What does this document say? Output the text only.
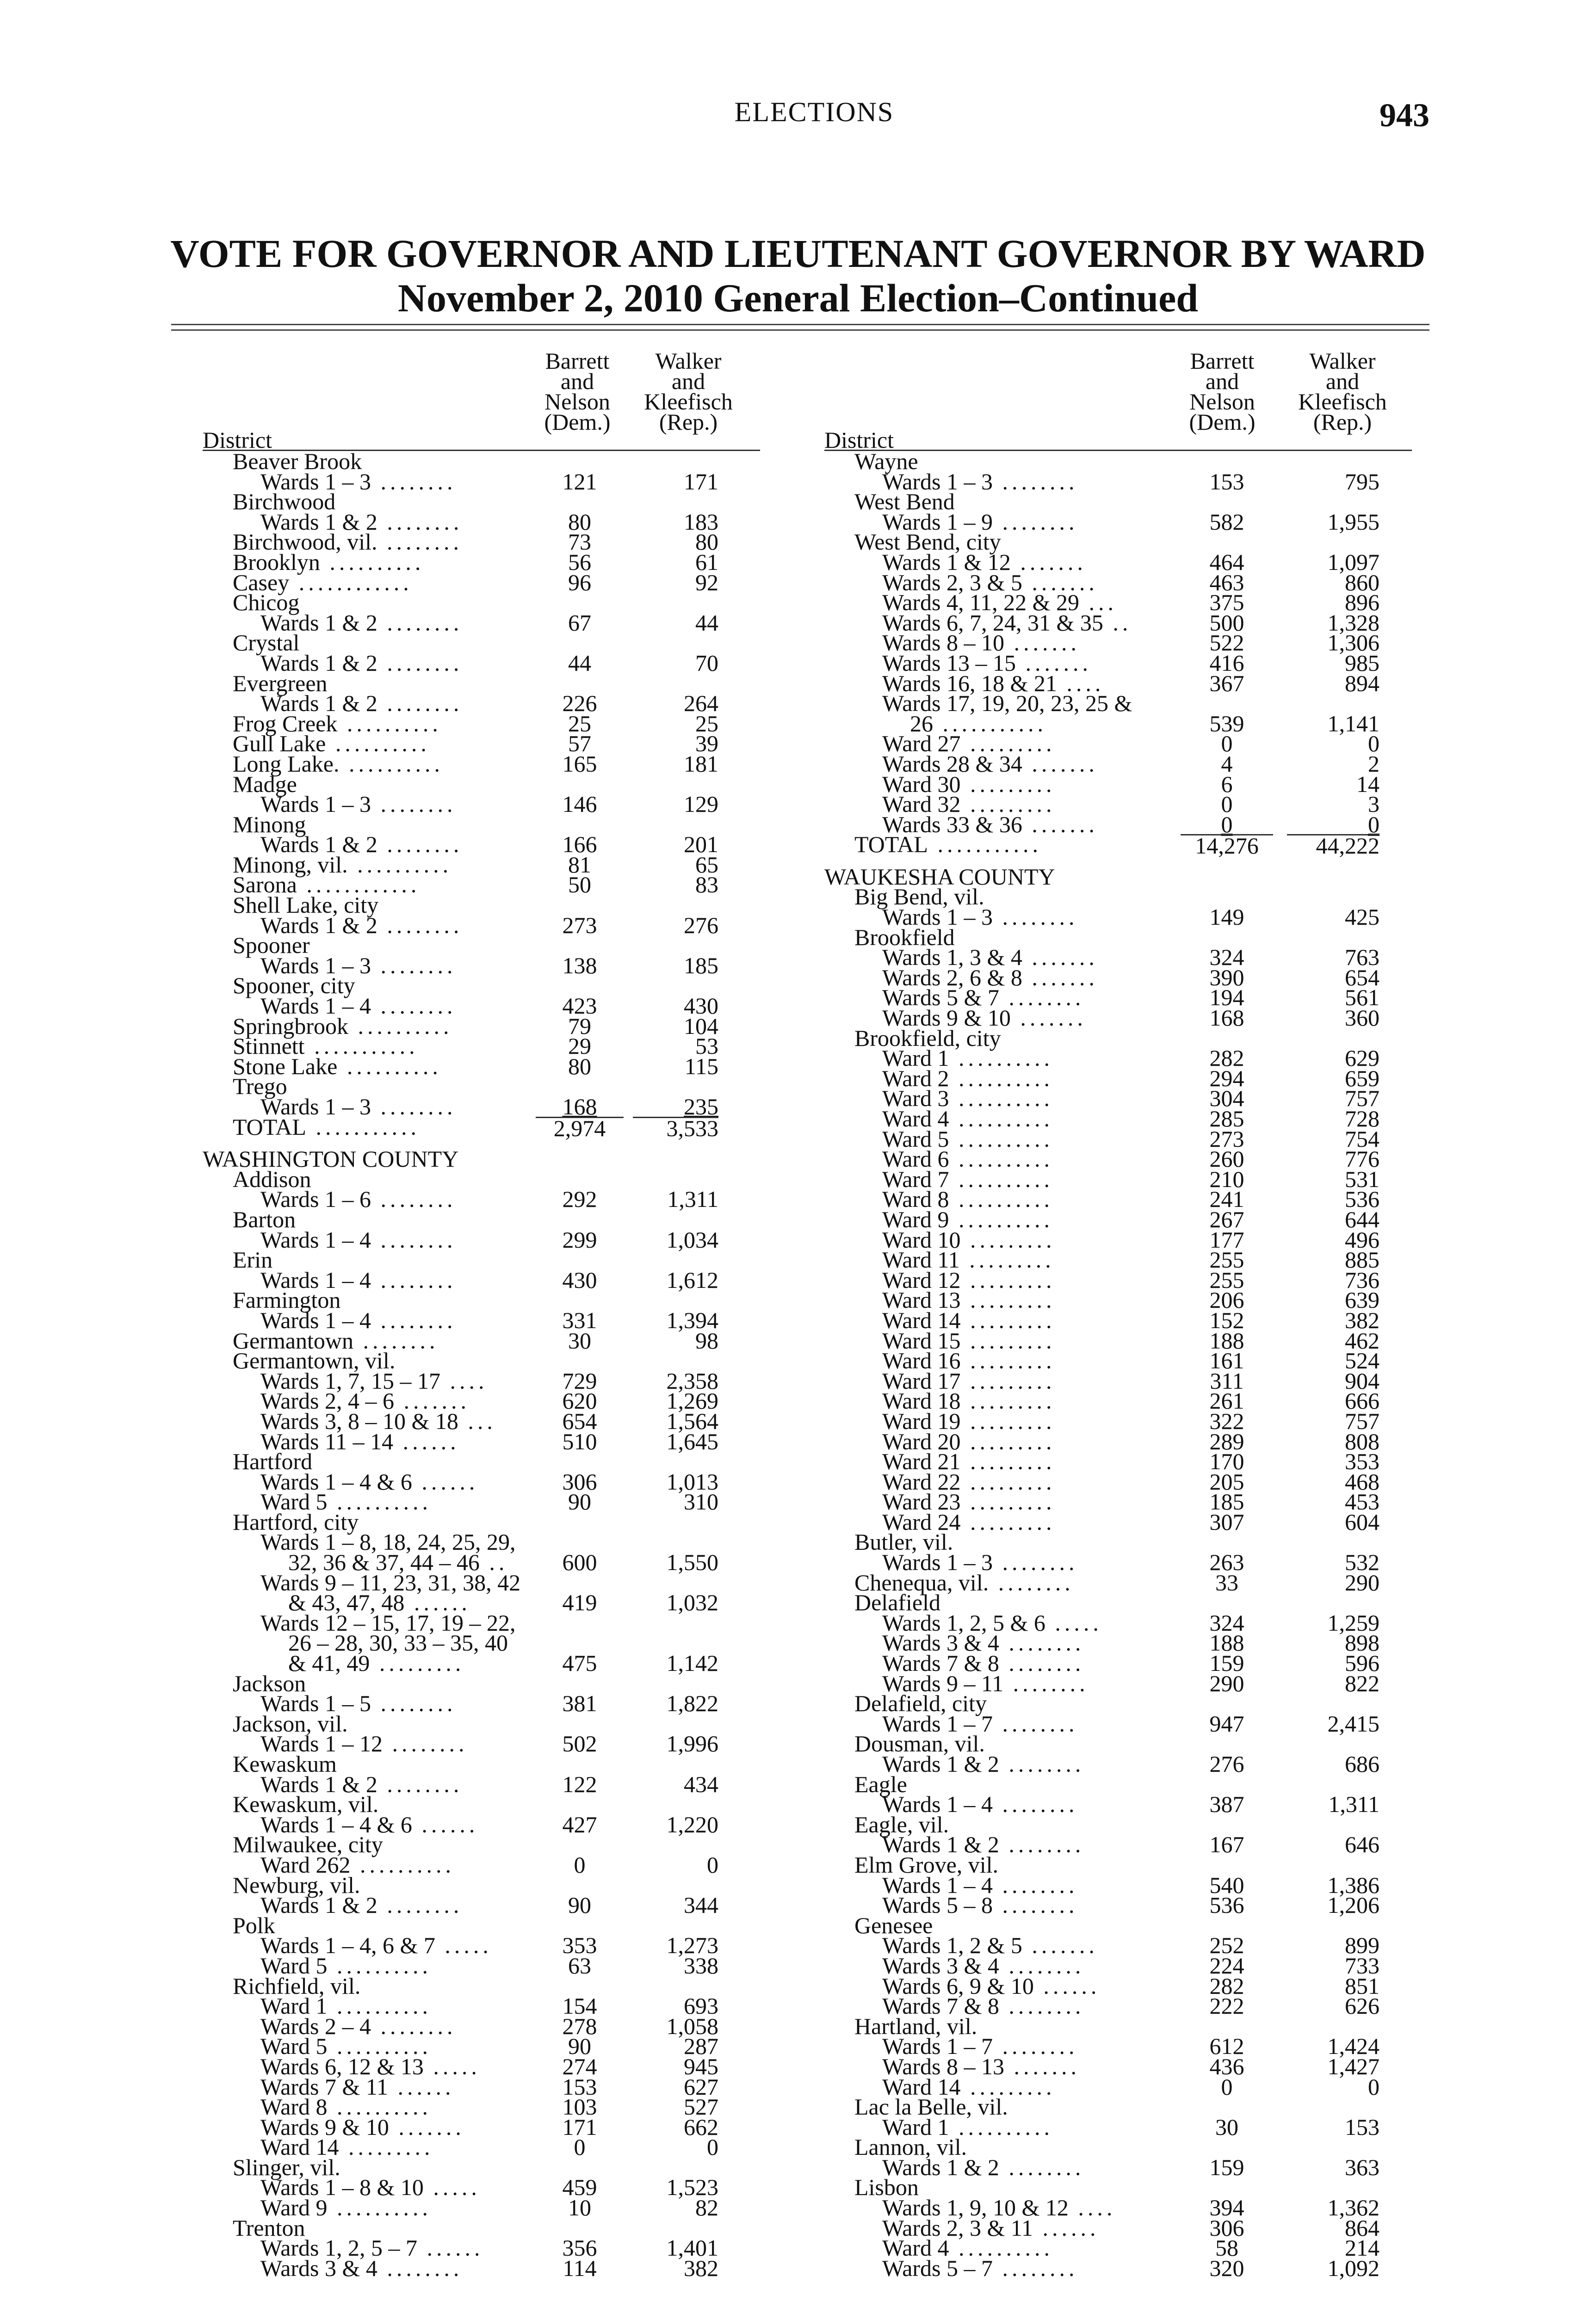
ELECTIONS	943
VOTE FOR GOVERNOR AND LIEUTENANT GOVERNOR BY WARD
November 2, 2010 General Election–Continued
Barrett
and
Nelson
(Dem.)
Walker
and
Kleefisch
(Rep.)
District
Beaver Brook
Wards 1 – 3 ........	121	171
Birchwood
Wards 1 & 2 ........	80	183
Birchwood, vil. ........	73	80
Brooklyn ..........	56	61
Casey ............	96	92
Chicog
Wards 1 & 2 ........	67	44
Crystal
Wards 1 & 2 ........	44	70
Evergreen
Wards 1 & 2 ........	226	264
Frog Creek ..........	25	25
Gull Lake ..........	57	39
Long Lake. ..........	165	181
Madge
Wards 1 – 3 ........	146	129
Minong
Wards 1 & 2 ........	166	201
Minong, vil. ..........	81	65
Sarona ............	50	83
Shell Lake, city
Wards 1 & 2 ........	273	276
Spooner
Wards 1 – 3 ........	138	185
Spooner, city
Wards 1 – 4 ........	423	430
Springbrook ..........	79	104
Stinnett ...........	29	53
Stone Lake ..........	80	115
Trego
Wards 1 – 3 ........	168	235
TOTAL ...........	2,974	3,533
WASHINGTON COUNTY
Addison
Wards 1 – 6 ........	292	1,311
Barton
Wards 1 – 4 ........	299	1,034
Erin
Wards 1 – 4 ........	430	1,612
Farmington
Wards 1 – 4 ........	331	1,394
Germantown ........	30	98
Germantown, vil.
Wards 1, 7, 15 – 17 ....	729	2,358
Wards 2, 4 – 6 .......	620	1,269
Wards 3, 8 – 10 & 18 ...	654	1,564
Wards 11 – 14 ......	510	1,645
Hartford
Wards 1 – 4 & 6 ......	306	1,013
Ward 5 ..........	90	310
Hartford, city
Wards 1 – 8, 18, 24, 25, 29,
32, 36 & 37, 44 – 46 ..	600	1,550
Wards 9 – 11, 23, 31, 38, 42
& 43, 47, 48 ......	419	1,032
Wards 12 – 15, 17, 19 – 22,
26 – 28, 30, 33 – 35, 40
& 41, 49 .........	475	1,142
Jackson
Wards 1 – 5 ........	381	1,822
Jackson, vil.
Wards 1 – 12 ........	502	1,996
Kewaskum
Wards 1 & 2 ........	122	434
Kewaskum, vil.
Wards 1 – 4 & 6 ......	427	1,220
Milwaukee, city
Ward 262 ..........	0	0
Newburg, vil.
Wards 1 & 2 ........	90	344
Polk
Wards 1 – 4, 6 & 7 .....	353	1,273
Ward 5 ..........	63	338
Richfield, vil.
Ward 1 ..........	154	693
Wards 2 – 4 ........	278	1,058
Ward 5 ..........	90	287
Wards 6, 12 & 13 .....	274	945
Wards 7 & 11 ......	153	627
Ward 8 ..........	103	527
Wards 9 & 10 .......	171	662
Ward 14 .........	0	0
Slinger, vil.
Wards 1 – 8 & 10 .....	459	1,523
Ward 9 ..........	10	82
Trenton
Wards 1, 2, 5 – 7 ......	356	1,401
Wards 3 & 4 ........	114	382
Barrett
and
Nelson
(Dem.)
Walker
and
Kleefisch
(Rep.)
District
Wayne
Wards 1 – 3 ........	153	795
West Bend
Wards 1 – 9 ........	582	1,955
West Bend, city
Wards 1 & 12 .......	464	1,097
Wards 2, 3 & 5 .......	463	860
Wards 4, 11, 22 & 29 ...	375	896
Wards 6, 7, 24, 31 & 35 ..	500	1,328
Wards 8 – 10 .......	522	1,306
Wards 13 – 15 .......	416	985
Wards 16, 18 & 21 ....	367	894
Wards 17, 19, 20, 23, 25 &
26 ...........	539	1,141
Ward 27 .........	0	0
Wards 28 & 34 .......	4	2
Ward 30 .........	6	14
Ward 32 .........	0	3
Wards 33 & 36 .......	0	0
TOTAL ...........	14,276	44,222
WAUKESHA COUNTY
Big Bend, vil.
Wards 1 – 3 ........	149	425
Brookfield
Wards 1, 3 & 4 .......	324	763
Wards 2, 6 & 8 .......	390	654
Wards 5 & 7 ........	194	561
Wards 9 & 10 .......	168	360
Brookfield, city
Ward 1 ..........	282	629
Ward 2 ..........	294	659
Ward 3 ..........	304	757
Ward 4 ..........	285	728
Ward 5 ..........	273	754
Ward 6 ..........	260	776
Ward 7 ..........	210	531
Ward 8 ..........	241	536
Ward 9 ..........	267	644
Ward 10 .........	177	496
Ward 11 .........	255	885
Ward 12 .........	255	736
Ward 13 .........	206	639
Ward 14 .........	152	382
Ward 15 .........	188	462
Ward 16 .........	161	524
Ward 17 .........	311	904
Ward 18 .........	261	666
Ward 19 .........	322	757
Ward 20 .........	289	808
Ward 21 .........	170	353
Ward 22 .........	205	468
Ward 23 .........	185	453
Ward 24 .........	307	604
Butler, vil.
Wards 1 – 3 ........	263	532
Chenequa, vil. ........	33	290
Delafield
Wards 1, 2, 5 & 6 .....	324	1,259
Wards 3 & 4 ........	188	898
Wards 7 & 8 ........	159	596
Wards 9 – 11 ........	290	822
Delafield, city
Wards 1 – 7 ........	947	2,415
Dousman, vil.
Wards 1 & 2 ........	276	686
Eagle
Wards 1 – 4 ........	387	1,311
Eagle, vil.
Wards 1 & 2 ........	167	646
Elm Grove, vil.
Wards 1 – 4 ........	540	1,386
Wards 5 – 8 ........	536	1,206
Genesee
Wards 1, 2 & 5 .......	252	899
Wards 3 & 4 ........	224	733
Wards 6, 9 & 10 ......	282	851
Wards 7 & 8 ........	222	626
Hartland, vil.
Wards 1 – 7 ........	612	1,424
Wards 8 – 13 .......	436	1,427
Ward 14 .........	0	0
Lac la Belle, vil.
Ward 1 ..........	30	153
Lannon, vil.
Wards 1 & 2 ........	159	363
Lisbon
Wards 1, 9, 10 & 12 ....	394	1,362
Wards 2, 3 & 11 ......	306	864
Ward 4 ..........	58	214
Wards 5 – 7 ........	320	1,092
